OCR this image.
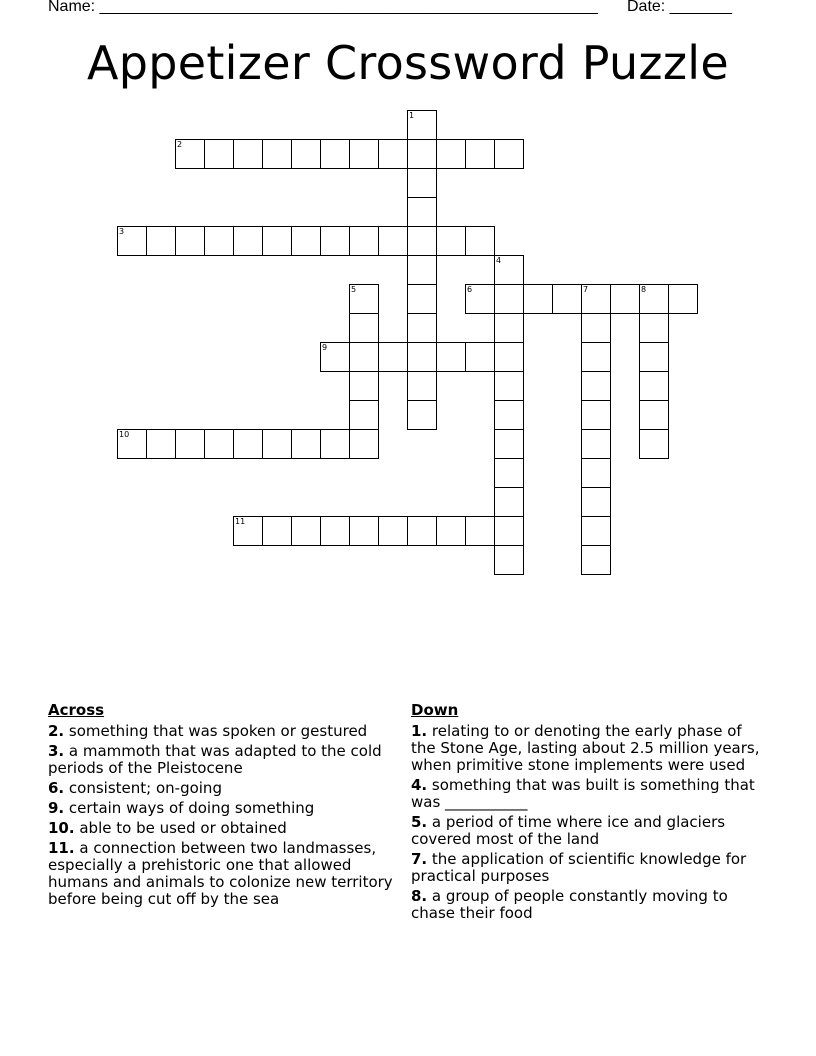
Name: ________________________________________________________ Date: _______
Appetizer Crossword Puzzle
1
2
3
4
5	6	7	8
9
10
11
Across
2. something that was spoken or gestured
3. a mammoth that was adapted to the cold periods of the Pleistocene
6. consistent; on-going
9. certain ways of doing something
10. able to be used or obtained
11. a connection between two landmasses, especially a prehistoric one that allowed humans and animals to colonize new territory before being cut off by the sea
Down
1. relating to or denoting the early phase of the Stone Age, lasting about 2.5 million years, when primitive stone implements were used
4. something that was built is something that was ___________
5. a period of time where ice and glaciers covered most of the land
7. the application of scientific knowledge for practical purposes
8. a group of people constantly moving to chase their food
